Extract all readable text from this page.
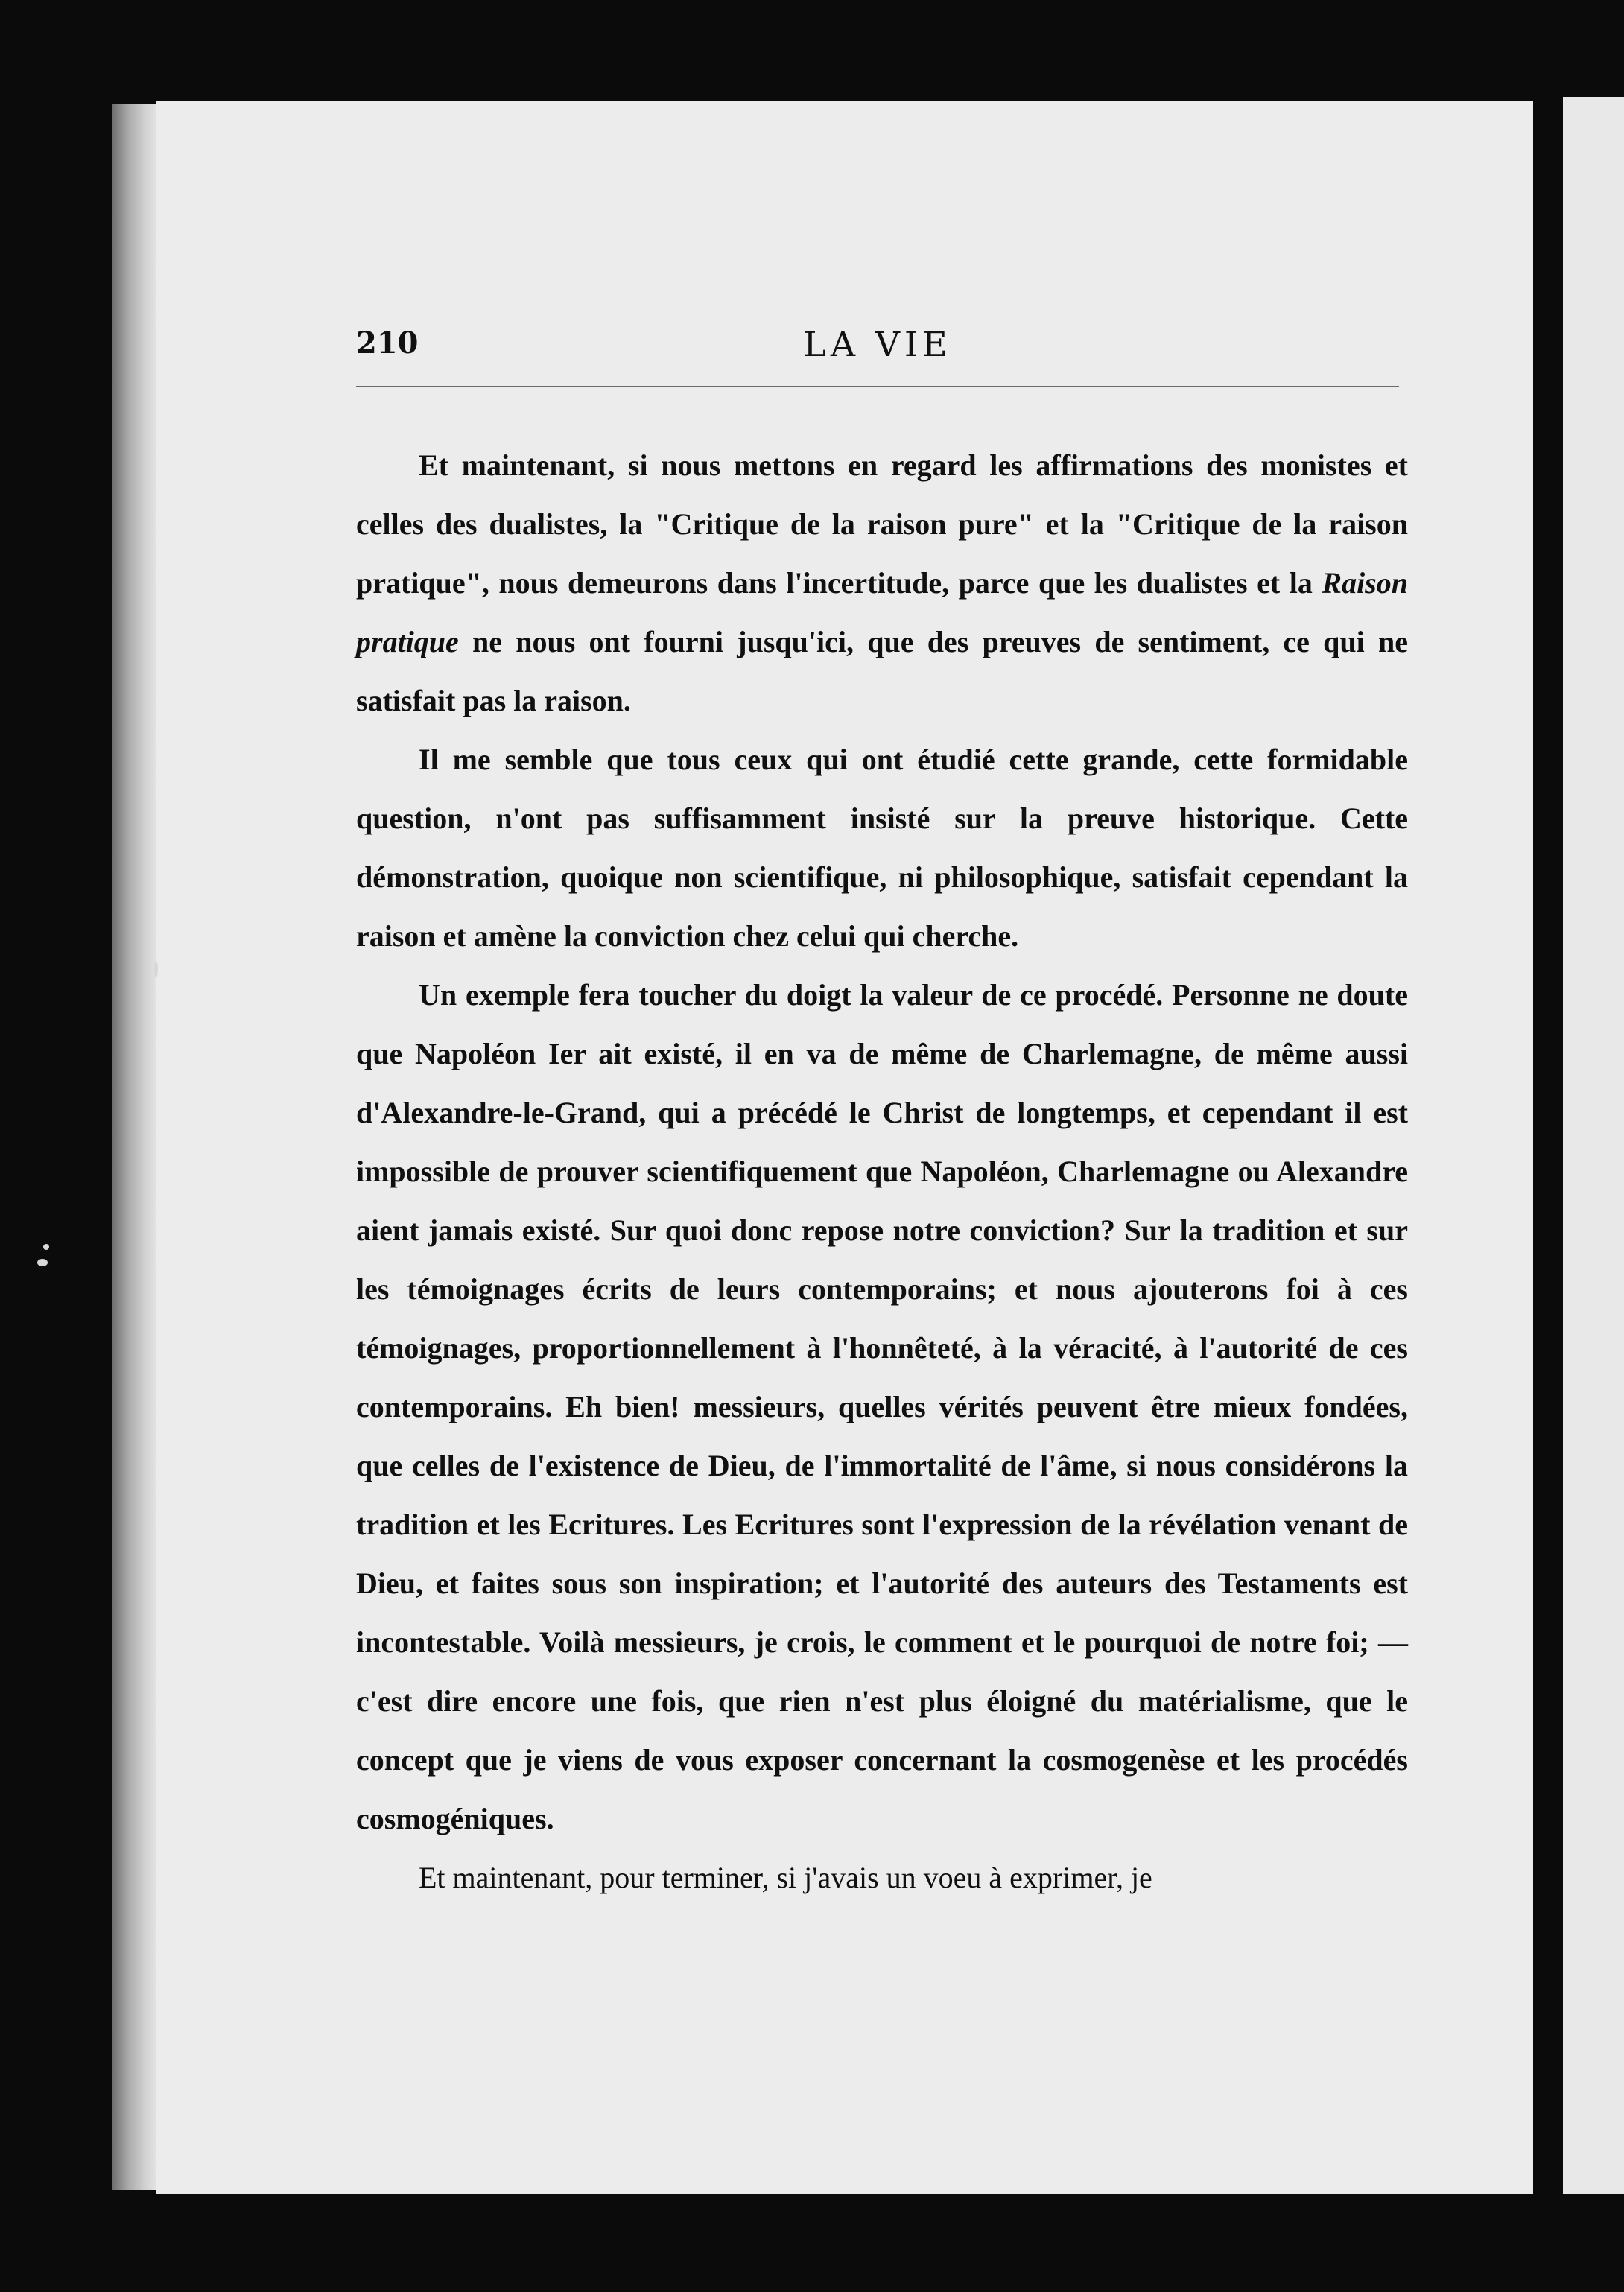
210	LA VIE

Et maintenant, si nous mettons en regard les affirmations des monistes et celles des dualistes, la "Critique de la raison pure" et la "Critique de la raison pratique", nous demeurons dans l'incertitude, parce que les dualistes et la Raison pratique ne nous ont fourni jusqu'ici, que des preuves de sentiment, ce qui ne satisfait pas la raison.

Il me semble que tous ceux qui ont étudié cette grande, cette formidable question, n'ont pas suffisamment insisté sur la preuve historique. Cette démonstration, quoique non scientifique, ni philosophique, satisfait cependant la raison et amène la conviction chez celui qui cherche.

Un exemple fera toucher du doigt la valeur de ce procédé. Personne ne doute que Napoléon Ier ait existé, il en va de même de Charlemagne, de même aussi d'Alexandre-le-Grand, qui a précédé le Christ de longtemps, et cependant il est impossible de prouver scientifiquement que Napoléon, Charlemagne ou Alexandre aient jamais existé. Sur quoi donc repose notre conviction? Sur la tradition et sur les témoignages écrits de leurs contemporains; et nous ajouterons foi à ces témoignages, proportionnellement à l'honnêteté, à la véracité, à l'autorité de ces contemporains. Eh bien! messieurs, quelles vérités peuvent être mieux fondées, que celles de l'existence de Dieu, de l'immortalité de l'âme, si nous considérons la tradition et les Ecritures. Les Ecritures sont l'expression de la révélation venant de Dieu, et faites sous son inspiration; et l'autorité des auteurs des Testaments est incontestable. Voilà messieurs, je crois, le comment et le pourquoi de notre foi; — c'est dire encore une fois, que rien n'est plus éloigné du matérialisme, que le concept que je viens de vous exposer concernant la cosmogenèse et les procédés cosmogéniques.

Et maintenant, pour terminer, si j'avais un voeu à exprimer, je
